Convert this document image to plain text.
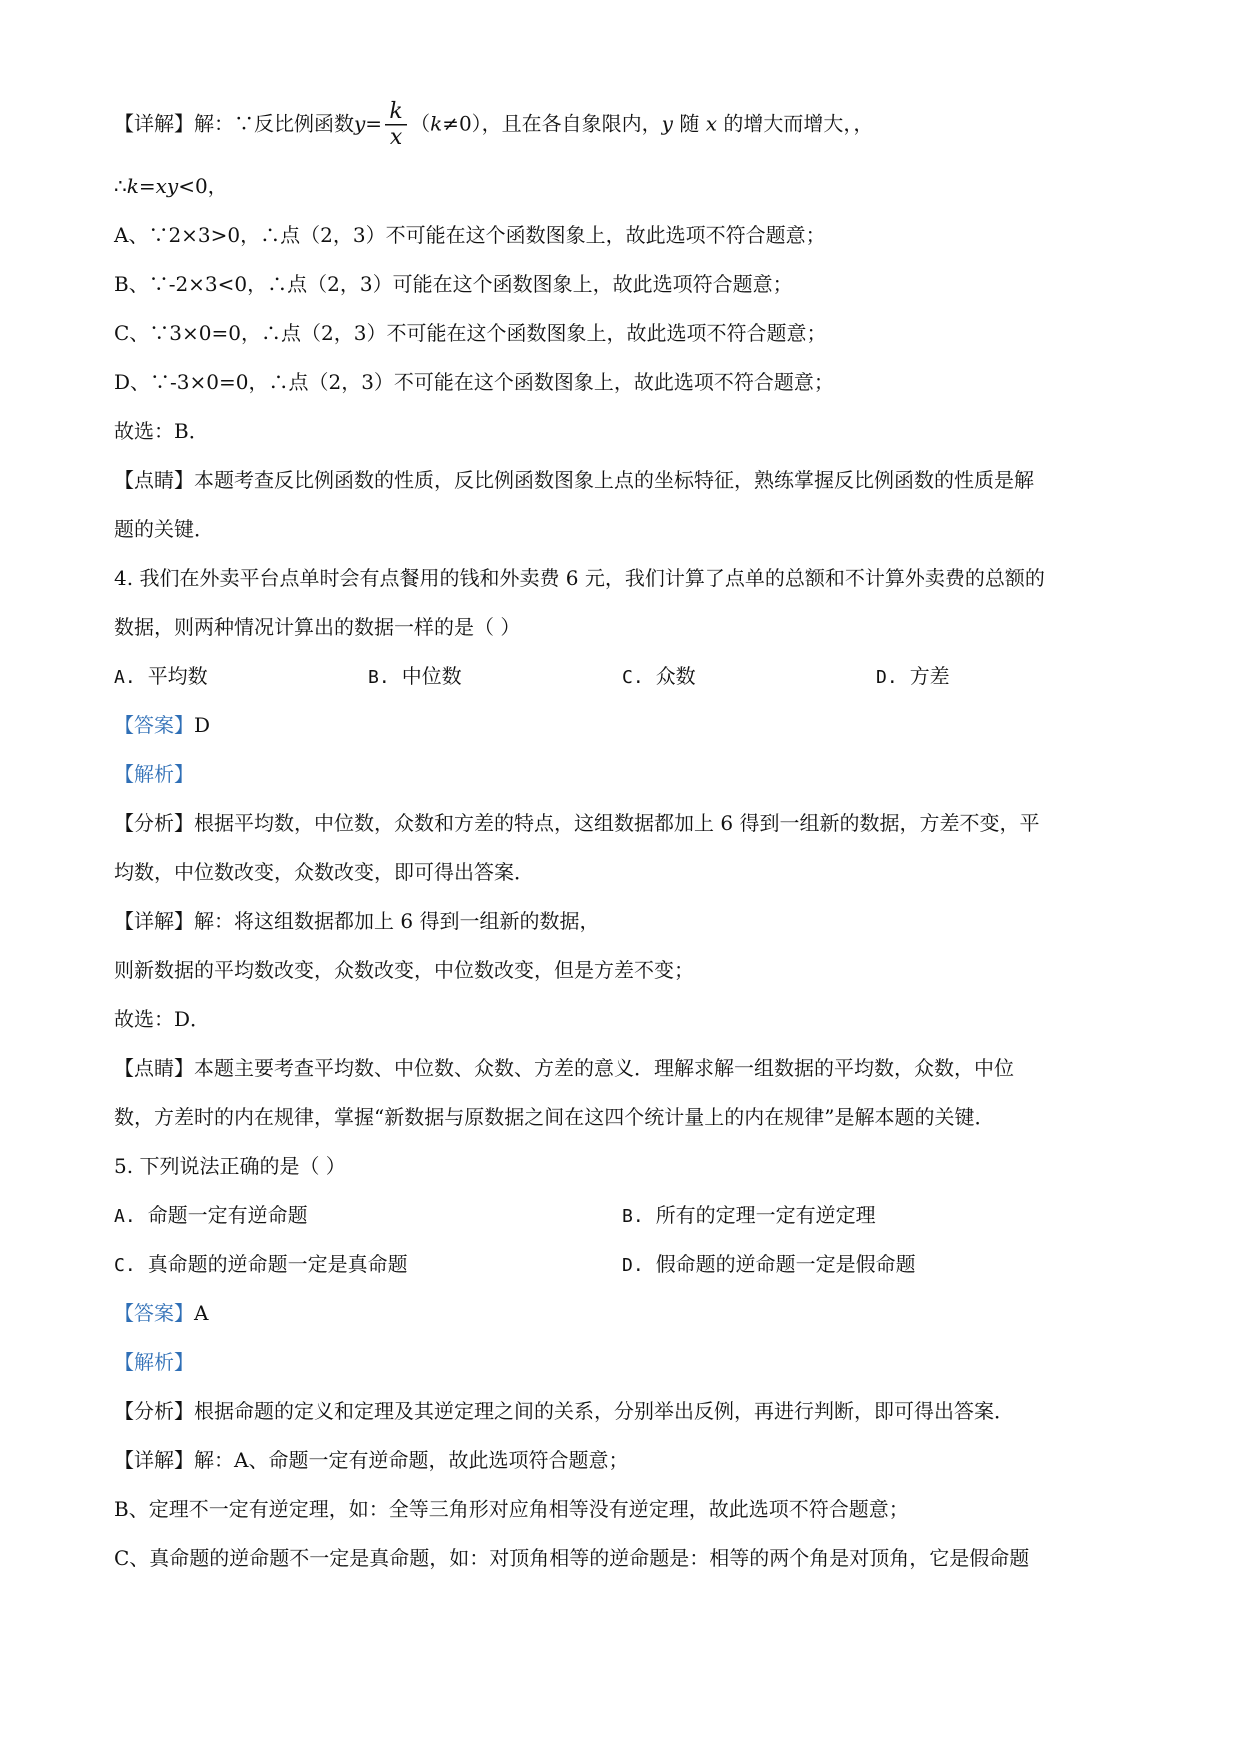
【详解】解：∵反比例函数y= k
x
（k≠0），且在各自象限内，y 随 x 的增大而增大，，
∴k=xy<0，
A、∵2×3>0，∴点（2，3）不可能在这个函数图象上，故此选项不符合题意；
B、∵-2×3<0，∴点（2，3）可能在这个函数图象上，故此选项符合题意；
C、∵3×0=0，∴点（2，3）不可能在这个函数图象上，故此选项不符合题意；
D、∵-3×0=0，∴点（2，3）不可能在这个函数图象上，故此选项不符合题意；
故选：B．
【点睛】本题考查反比例函数的性质，反比例函数图象上点的坐标特征，熟练掌握反比例函数的性质是解
题的关键．
4. 我们在外卖平台点单时会有点餐用的钱和外卖费 6 元，我们计算了点单的总额和不计算外卖费的总额的
数据，则两种情况计算出的数据一样的是（ ）
A. 平均数	B. 中位数	C. 众数	D. 方差
【答案】D
【解析】
【分析】根据平均数，中位数，众数和方差的特点，这组数据都加上 6 得到一组新的数据，方差不变，平
均数，中位数改变，众数改变，即可得出答案．
【详解】解：将这组数据都加上 6 得到一组新的数据，
则新数据的平均数改变，众数改变，中位数改变，但是方差不变；
故选：D．
【点睛】本题主要考查平均数、中位数、众数、方差的意义．理解求解一组数据的平均数，众数，中位
数，方差时的内在规律，掌握“新数据与原数据之间在这四个统计量上的内在规律”是解本题的关键．
5. 下列说法正确的是（ ）
A. 命题一定有逆命题	B. 所有的定理一定有逆定理
C. 真命题的逆命题一定是真命题	D. 假命题的逆命题一定是假命题
【答案】A
【解析】
【分析】根据命题的定义和定理及其逆定理之间的关系，分别举出反例，再进行判断，即可得出答案．
【详解】解：A、命题一定有逆命题，故此选项符合题意；
B、定理不一定有逆定理，如：全等三角形对应角相等没有逆定理，故此选项不符合题意；
C、真命题的逆命题不一定是真命题，如：对顶角相等的逆命题是：相等的两个角是对顶角，它是假命题
